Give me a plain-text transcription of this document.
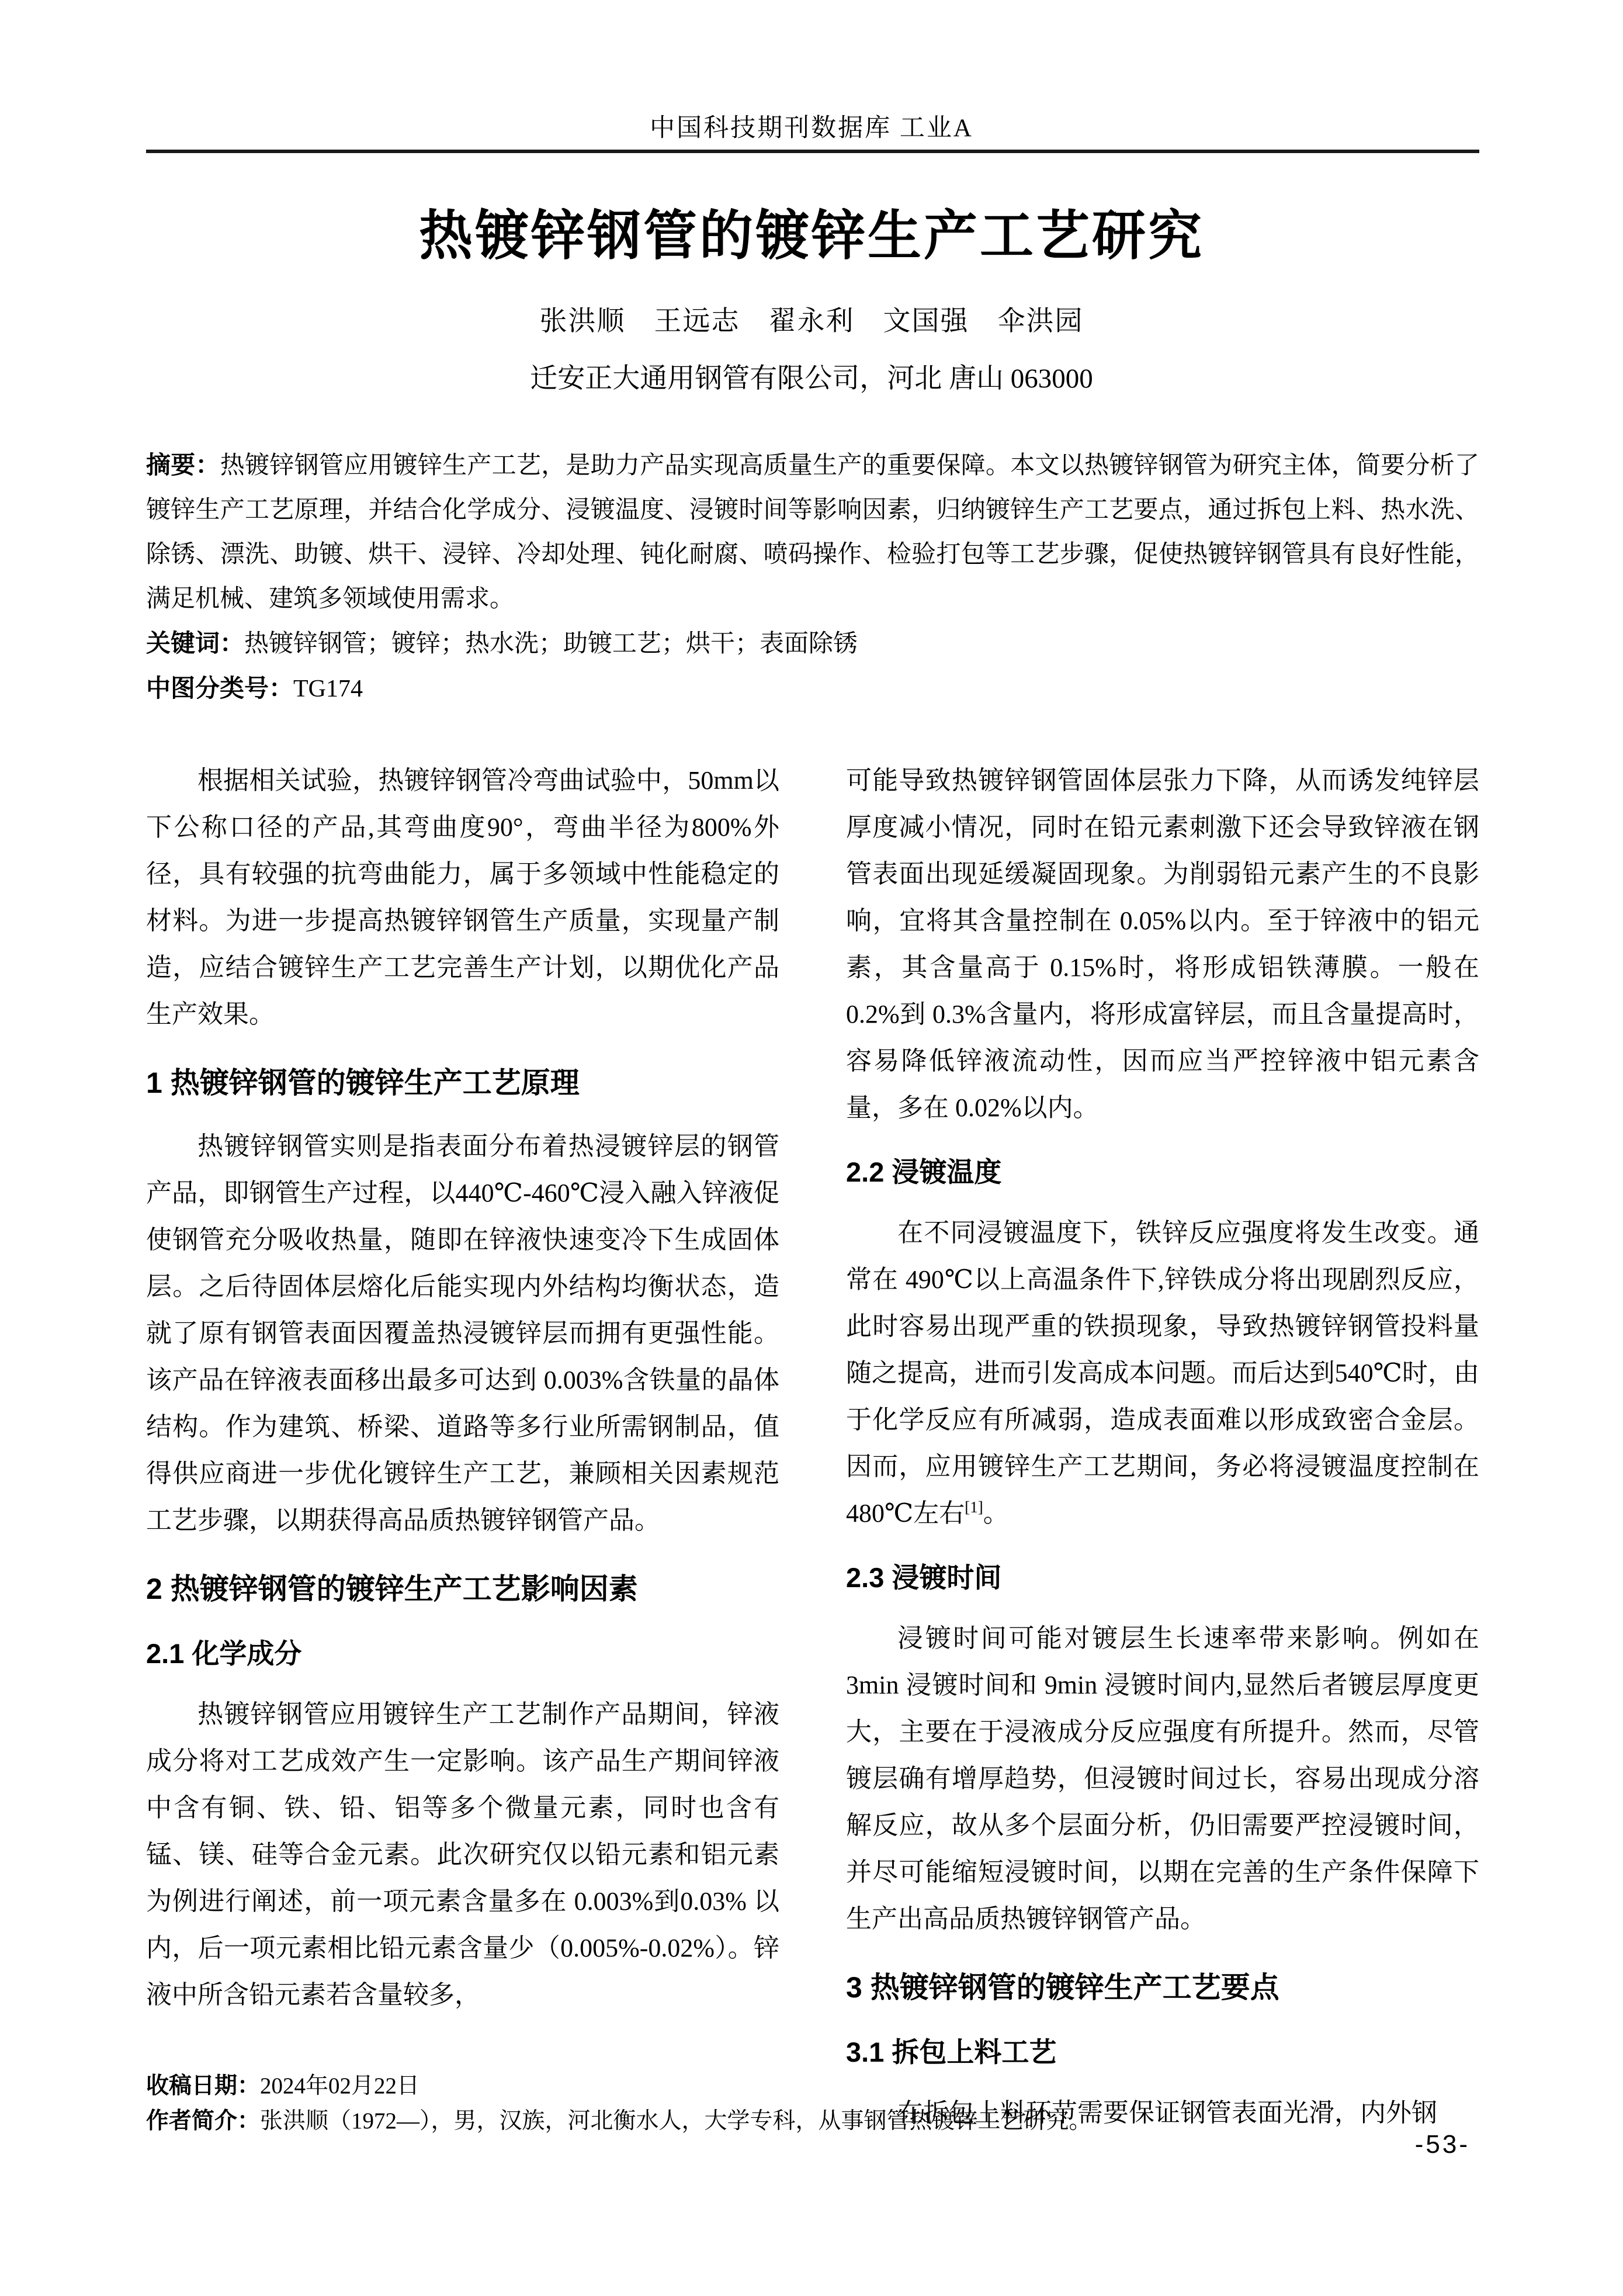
中国科技期刊数据库 工业A
热镀锌钢管的镀锌生产工艺研究
张洪顺　王远志　翟永利　文国强　伞洪园
迁安正大通用钢管有限公司，河北 唐山 063000

摘要：热镀锌钢管应用镀锌生产工艺，是助力产品实现高质量生产的重要保障。本文以热镀锌钢管为研究主体，简要分析了镀锌生产工艺原理，并结合化学成分、浸镀温度、浸镀时间等影响因素，归纳镀锌生产工艺要点，通过拆包上料、热水洗、除锈、漂洗、助镀、烘干、浸锌、冷却处理、钝化耐腐、喷码操作、检验打包等工艺步骤，促使热镀锌钢管具有良好性能，满足机械、建筑多领域使用需求。

关键词：热镀锌钢管；镀锌；热水洗；助镀工艺；烘干；表面除锈

中图分类号：TG174

根据相关试验，热镀锌钢管冷弯曲试验中，50mm以下公称口径的产品,其弯曲度90°，弯曲半径为800%外径，具有较强的抗弯曲能力，属于多领域中性能稳定的材料。为进一步提高热镀锌钢管生产质量，实现量产制造，应结合镀锌生产工艺完善生产计划，以期优化产品生产效果。

1 热镀锌钢管的镀锌生产工艺原理

热镀锌钢管实则是指表面分布着热浸镀锌层的钢管产品，即钢管生产过程，以440℃-460℃浸入融入锌液促使钢管充分吸收热量，随即在锌液快速变冷下生成固体层。之后待固体层熔化后能实现内外结构均衡状态，造就了原有钢管表面因覆盖热浸镀锌层而拥有更强性能。该产品在锌液表面移出最多可达到 0.003%含铁量的晶体结构。作为建筑、桥梁、道路等多行业所需钢制品，值得供应商进一步优化镀锌生产工艺，兼顾相关因素规范工艺步骤，以期获得高品质热镀锌钢管产品。

2 热镀锌钢管的镀锌生产工艺影响因素
2.1 化学成分

热镀锌钢管应用镀锌生产工艺制作产品期间，锌液成分将对工艺成效产生一定影响。该产品生产期间锌液中含有铜、铁、铅、铝等多个微量元素，同时也含有锰、镁、硅等合金元素。此次研究仅以铅元素和铝元素为例进行阐述，前一项元素含量多在 0.003%到0.03% 以内，后一项元素相比铅元素含量少（0.005%-0.02%）。锌液中所含铅元素若含量较多，

可能导致热镀锌钢管固体层张力下降，从而诱发纯锌层厚度减小情况，同时在铅元素刺激下还会导致锌液在钢管表面出现延缓凝固现象。为削弱铅元素产生的不良影响，宜将其含量控制在 0.05%以内。至于锌液中的铝元素，其含量高于 0.15%时，将形成铝铁薄膜。一般在 0.2%到 0.3%含量内，将形成富锌层，而且含量提高时，容易降低锌液流动性，因而应当严控锌液中铝元素含量，多在 0.02%以内。

2.2 浸镀温度

在不同浸镀温度下，铁锌反应强度将发生改变。通常在 490℃以上高温条件下,锌铁成分将出现剧烈反应，此时容易出现严重的铁损现象，导致热镀锌钢管投料量随之提高，进而引发高成本问题。而后达到540℃时，由于化学反应有所减弱，造成表面难以形成致密合金层。因而，应用镀锌生产工艺期间，务必将浸镀温度控制在 480℃左右[1]。

2.3 浸镀时间

浸镀时间可能对镀层生长速率带来影响。例如在3min 浸镀时间和 9min 浸镀时间内,显然后者镀层厚度更大，主要在于浸液成分反应强度有所提升。然而，尽管镀层确有增厚趋势，但浸镀时间过长，容易出现成分溶解反应，故从多个层面分析，仍旧需要严控浸镀时间，并尽可能缩短浸镀时间，以期在完善的生产条件保障下生产出高品质热镀锌钢管产品。

3 热镀锌钢管的镀锌生产工艺要点
3.1 拆包上料工艺

在拆包上料环节需要保证钢管表面光滑，内外钢

收稿日期：2024年02月22日
作者简介：张洪顺（1972—），男，汉族，河北衡水人，大学专科，从事钢管热镀锌工艺研究。
-53-
